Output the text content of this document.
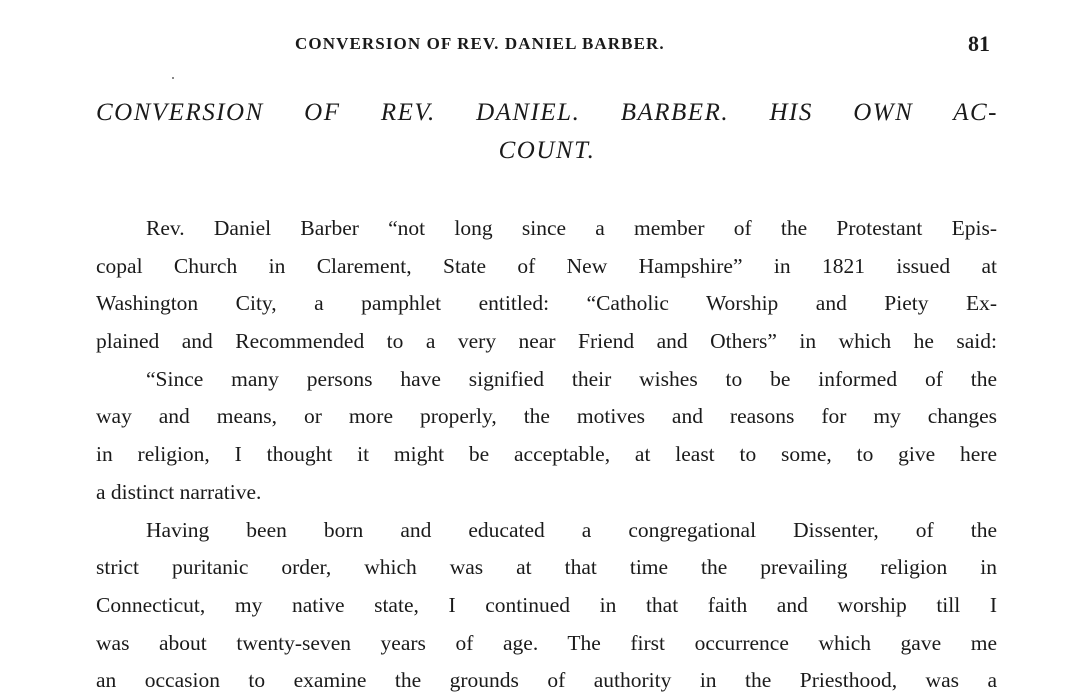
CONVERSION OF REV. DANIEL BARBER.	81
CONVERSION OF REV. DANIEL. BARBER. HIS OWN AC-
COUNT.
Rev. Daniel Barber “not long since a member of the Protestant Epis-
copal Church in Clarement, State of New Hampshire” in 1821 issued at
Washington City, a pamphlet entitled: “Catholic Worship and Piety Ex-
plained and Recommended to a very near Friend and Others” in which he said:
“Since many persons have signified their wishes to be informed of the
way and means, or more properly, the motives and reasons for my changes
in religion, I thought it might be acceptable, at least to some, to give here
a distinct narrative.
Having been born and educated a congregational Dissenter, of the
strict puritanic order, which was at that time the prevailing religion in
Connecticut, my native state, I continued in that faith and worship till I
was about twenty-seven years of age. The first occurrence which gave me
an occasion to examine the grounds of authority in the Priesthood, was a
